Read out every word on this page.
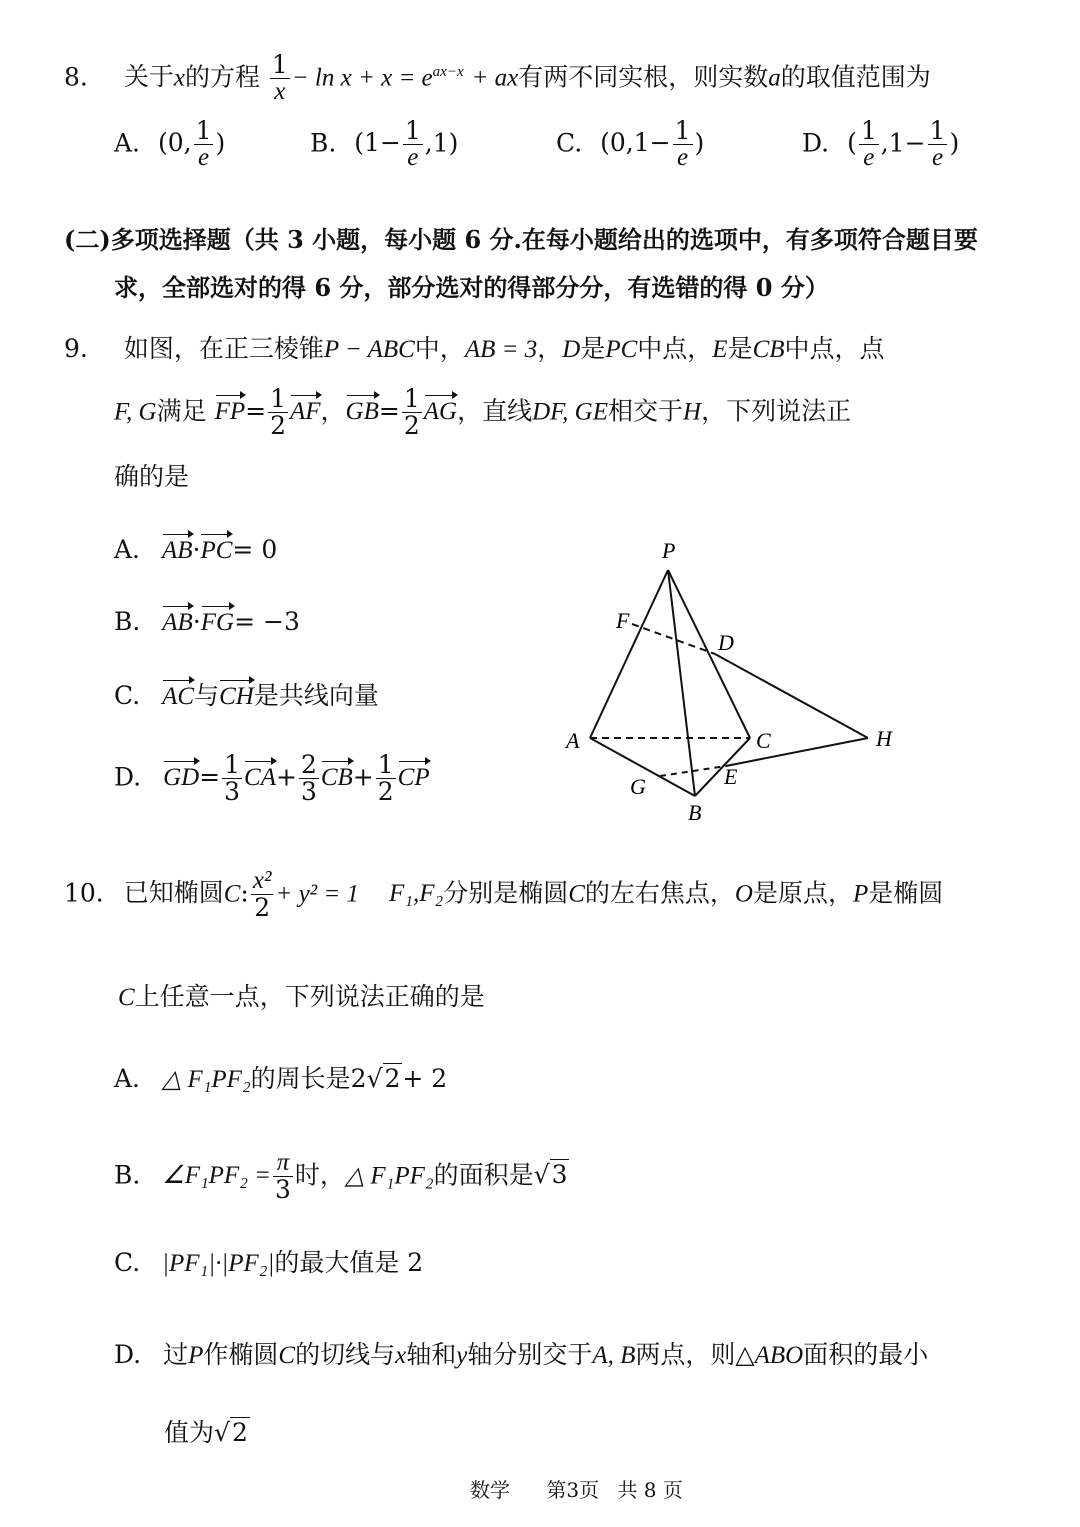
8. 关于x的方程 $\frac{1}{x} - \ln x + x = e^{ax-x}$ + ax有两不同实根，则实数a的取值范围为
A. (0, $\frac{1}{e}$ )	B. $(1- \frac{1}{e} ,1)$	C. ($0,1- \frac{1}{e}$ )	D. ( $\frac{1}{e} ,1- \frac{1}{e}$ )
(二)多项选择题（共 3 小题，每小题 6 分.在每小题给出的选项中，有多项符合题目要
求，全部选对的得 6 分，部分选对的得部分分，有选错的得 0 分）
9. 如图，在正三棱锥P − ABC中，AB = 3，D是PC中点，E是CB中点，点
F, G满足 $FP= \frac{1}{2}$ AF，$GB= \frac{1}{2}$ AG，直线DF, GE相交于H，下列说法正
确的是
A. AB·PC= 0
B. AB·FG= −3
C. AC与CH是共线向量
D. $GD= \frac{1}{3} CA+ \frac{2}{3} CB+ \frac{1}{2}$ CP
P
F
D
A	C	H
G	E
B
10. 已知椭圆C: $\frac{\text{x²}}{2} + y^2 = 1$ F₁,F₂分别是椭圆C的左右焦点，O是原点，P是椭圆
C上任意一点，下列说法正确的是
A. △ F₁PF₂的周长是2√2+ 2
B. ∠F₁PF₂ = $\frac{\pi}{3}$ 时，△ F₁PF₂的面积是√3
C. |PF₁|·|PF₂|的最大值是 2
D. 过P作椭圆C的切线与x轴和y轴分别交于A, B两点，则△ABO面积的最小
值为√2
数学 第3页 共 8 页
